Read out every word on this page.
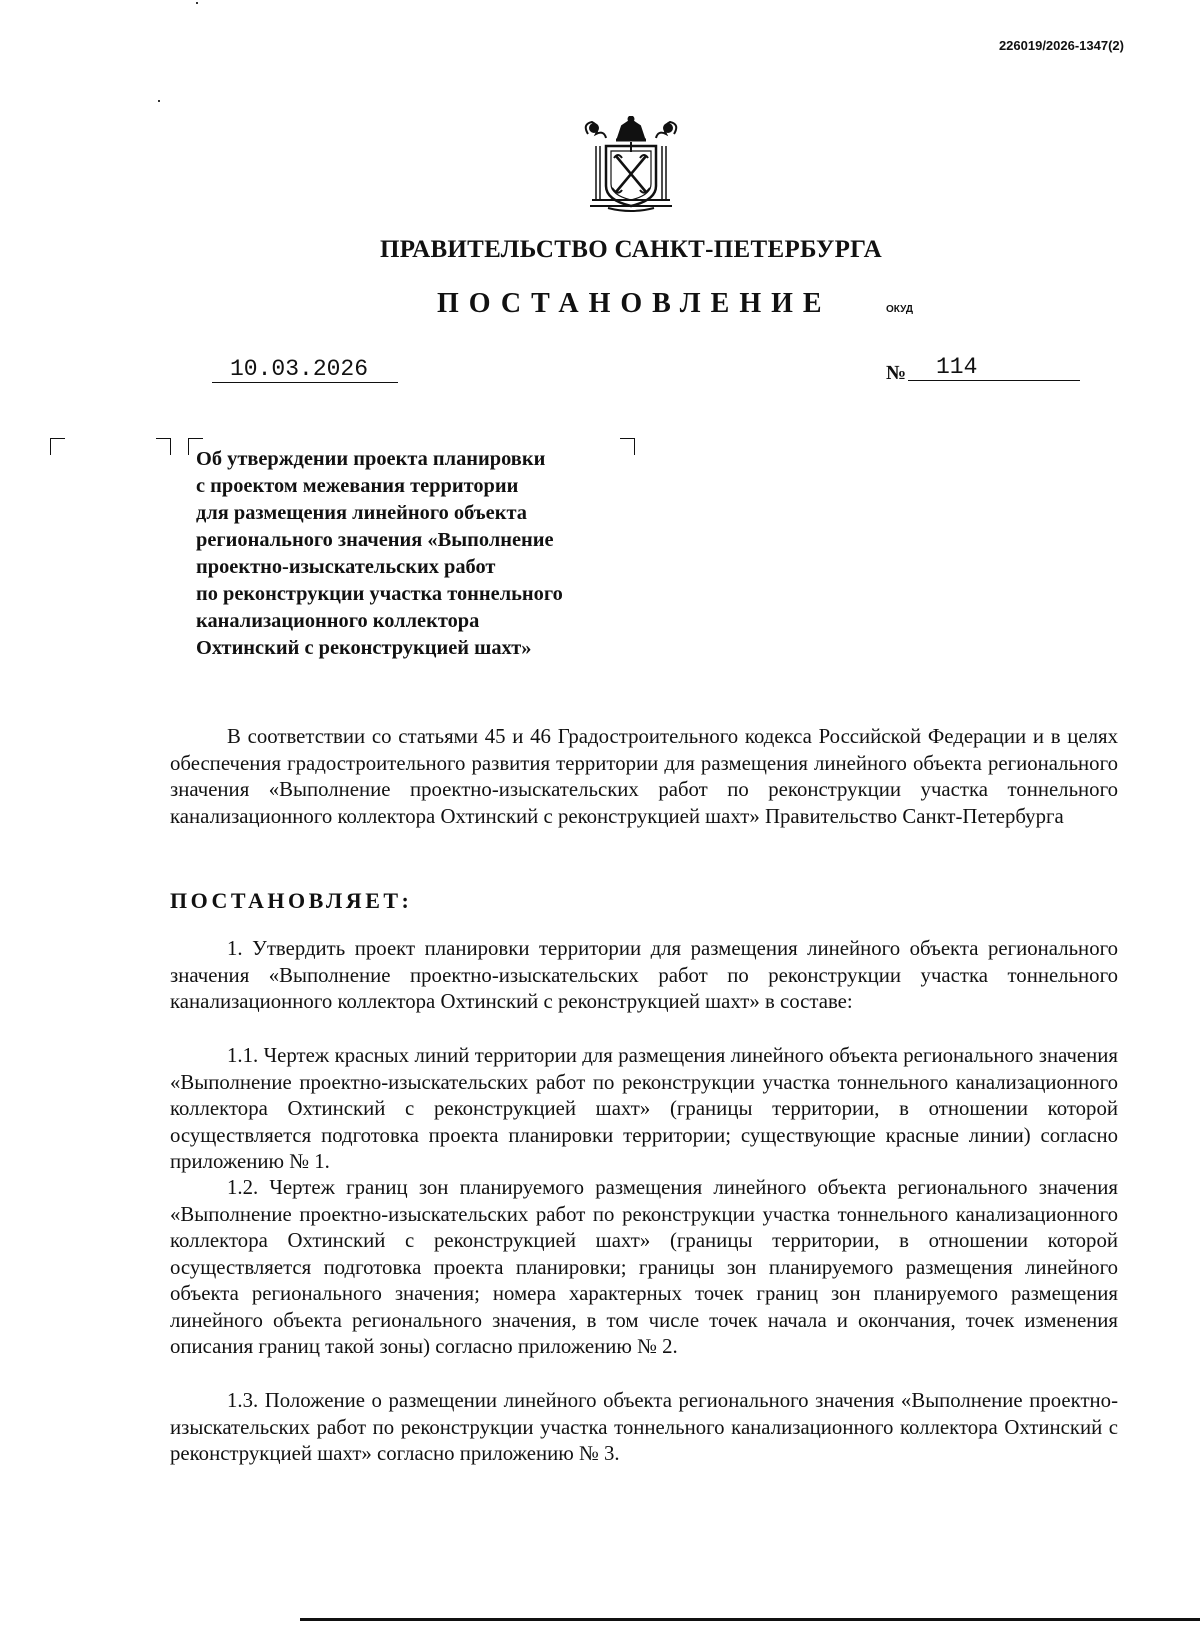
226019/2026-1347(2)
ПРАВИТЕЛЬСТВО САНКТ-ПЕТЕРБУРГА
ПОСТАНОВЛЕНИЕ	ОКУД
10.03.2026	№	114
Об утверждении проекта планировки
с проектом межевания территории
для размещения линейного объекта
регионального значения «Выполнение
проектно-изыскательских работ
по реконструкции участка тоннельного
канализационного коллектора
Охтинский с реконструкцией шахт»
В соответствии со статьями 45 и 46 Градостроительного кодекса Российской Федерации и в целях обеспечения градостроительного развития территории для размещения линейного объекта регионального значения «Выполнение проектно-изыскательских работ по реконструкции участка тоннельного канализационного коллектора Охтинский с реконструкцией шахт» Правительство Санкт-Петербурга
ПОСТАНОВЛЯЕТ:
1. Утвердить проект планировки территории для размещения линейного объекта регионального значения «Выполнение проектно-изыскательских работ по реконструкции участка тоннельного канализационного коллектора Охтинский с реконструкцией шахт» в составе:
1.1. Чертеж красных линий территории для размещения линейного объекта регионального значения «Выполнение проектно-изыскательских работ по реконструкции участка тоннельного канализационного коллектора Охтинский с реконструкцией шахт» (границы территории, в отношении которой осуществляется подготовка проекта планировки территории; существующие красные линии) согласно приложению № 1.
1.2. Чертеж границ зон планируемого размещения линейного объекта регионального значения «Выполнение проектно-изыскательских работ по реконструкции участка тоннельного канализационного коллектора Охтинский с реконструкцией шахт» (границы территории, в отношении которой осуществляется подготовка проекта планировки; границы зон планируемого размещения линейного объекта регионального значения; номера характерных точек границ зон планируемого размещения линейного объекта регионального значения, в том числе точек начала и окончания, точек изменения описания границ такой зоны) согласно приложению № 2.
1.3. Положение о размещении линейного объекта регионального значения «Выполнение проектно-изыскательских работ по реконструкции участка тоннельного канализационного коллектора Охтинский с реконструкцией шахт» согласно приложению № 3.
